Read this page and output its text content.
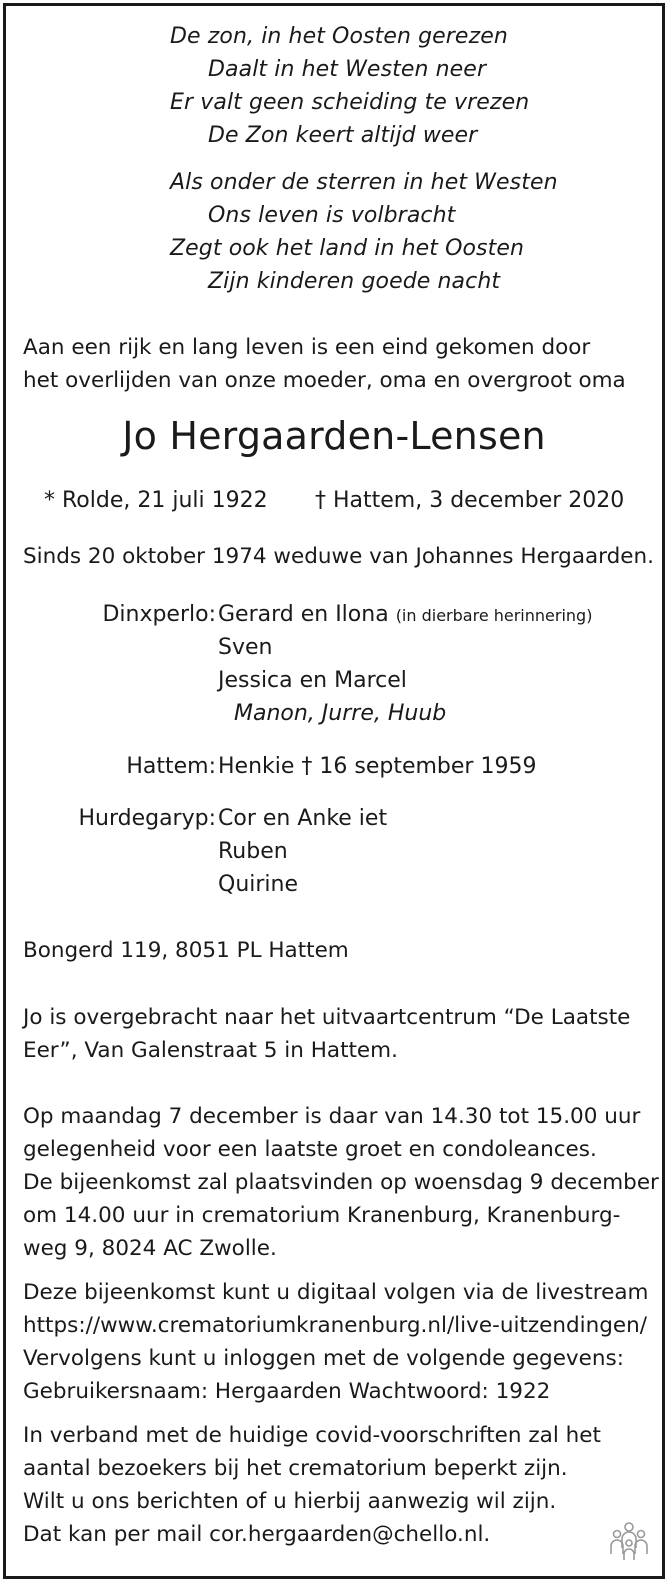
De zon, in het Oosten gerezen
Daalt in het Westen neer
Er valt geen scheiding te vrezen
De Zon keert altijd weer
Als onder de sterren in het Westen
Ons leven is volbracht
Zegt ook het land in het Oosten
Zijn kinderen goede nacht
Aan een rijk en lang leven is een eind gekomen door
het overlijden van onze moeder, oma en overgroot oma
Jo Hergaarden-Lensen
* Rolde, 21 juli 1922 † Hattem, 3 december 2020
Sinds 20 oktober 1974 weduwe van Johannes Hergaarden.
Dinxperlo: Gerard en Ilona (in dierbare herinnering)
Sven
Jessica en Marcel
Manon, Jurre, Huub
Hattem: Henkie † 16 september 1959
Hurdegaryp: Cor en Anke iet
Ruben
Quirine
Bongerd 119, 8051 PL Hattem
Jo is overgebracht naar het uitvaartcentrum “De Laatste
Eer”, Van Galenstraat 5 in Hattem.
Op maandag 7 december is daar van 14.30 tot 15.00 uur
gelegenheid voor een laatste groet en condoleances.
De bijeenkomst zal plaatsvinden op woensdag 9 december
om 14.00 uur in crematorium Kranenburg, Kranenburg-
weg 9, 8024 AC Zwolle.
Deze bijeenkomst kunt u digitaal volgen via de livestream
https://www.crematoriumkranenburg.nl/live-uitzendingen/
Vervolgens kunt u inloggen met de volgende gegevens:
Gebruikersnaam: Hergaarden Wachtwoord: 1922
In verband met de huidige covid-voorschriften zal het
aantal bezoekers bij het crematorium beperkt zijn.
Wilt u ons berichten of u hierbij aanwezig wil zijn.
Dat kan per mail cor.hergaarden@chello.nl.
